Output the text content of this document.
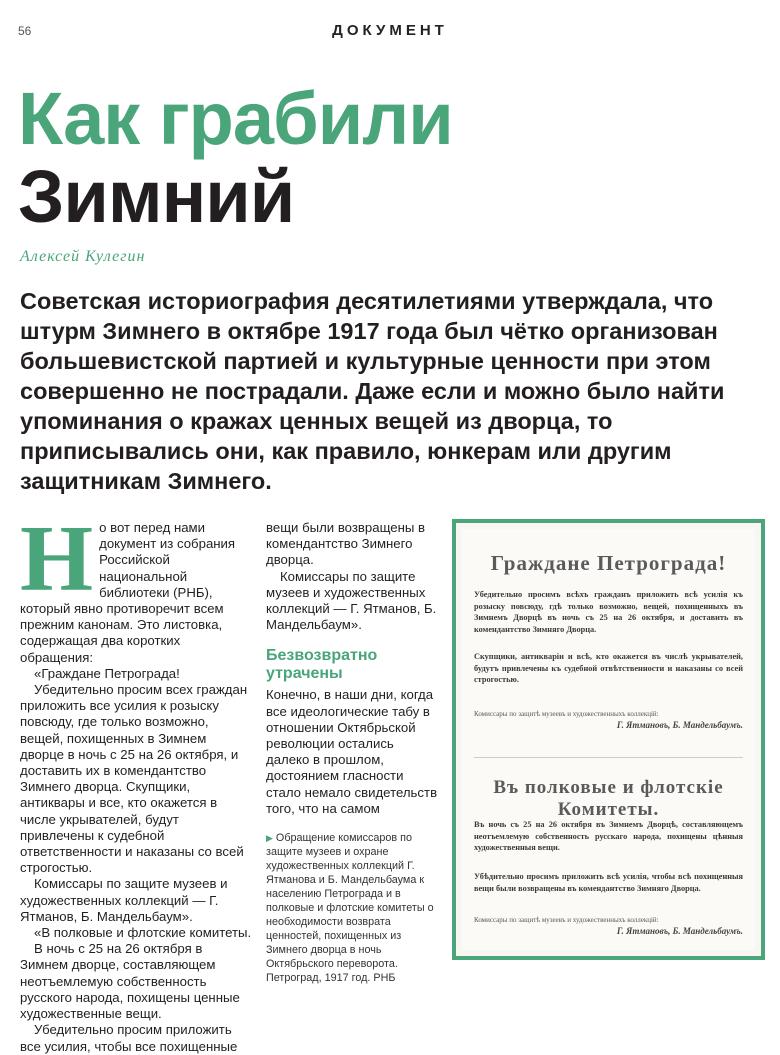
56	ДОКУМЕНТ
Как грабили
Зимний
Алексей Кулегин

Советская историография десятилетиями утверждала, что штурм Зимнего в октябре 1917 года был чётко организован большевистской партией и культурные ценности при этом совершенно не пострадали. Даже если и можно было найти упоминания о кражах ценных вещей из дворца, то приписывались они, как правило, юнкерам или другим защитникам Зимнего.

Н о вот перед нами документ из собрания Российской национальной библиотеки (РНБ), который явно противоречит всем прежним канонам. Это листовка, содержащая два коротких обращения:

«Граждане Петрограда!

Убедительно просим всех граждан приложить все усилия к розыску повсюду, где только возможно, вещей, похищенных в Зимнем дворце в ночь с 25 на 26 октября, и доставить их в комендантство Зимнего дворца. Скупщики, антиквары и все, кто окажется в числе укрывателей, будут привлечены к судебной ответственности и наказаны со всей строгостью.

Комиссары по защите музеев и художественных коллекций — Г. Ятманов, Б. Мандельбаум».

«В полковые и флотские комитеты.

В ночь с 25 на 26 октября в Зимнем дворце, составляющем неотъемлемую собственность русского народа, похищены ценные художественные вещи.

Убедительно просим приложить все усилия, чтобы все похищенные

вещи были возвращены в комендантство Зимнего дворца.

Комиссары по защите музеев и художественных коллекций — Г. Ятманов, Б. Мандельбаум».

Безвозвратно утрачены

Конечно, в наши дни, когда все идеологические табу в отношении Октябрьской революции остались далеко в прошлом, достоянием гласности стало немало свидетельств того, что на самом

▶ Обращение комиссаров по защите музеев и охране художественных коллекций Г. Ятманова и Б. Мандельбаума к населению Петрограда и в полковые и флотские комитеты о необходимости возврата ценностей, похищенных из Зимнего дворца в ночь Октябрьского переворота. Петроград, 1917 год. РНБ
Граждане Петрограда!
Убедительно просимъ всѣхъ гражданъ приложить всѣ усилія къ розыску повсюду, гдѣ только возможно, вещей, похищенныхъ въ Зимнемъ Дворцѣ въ ночь съ 25 на 26 октября, и доставить въ комендантство Зимняго Дворца.
Скупщики, антикваріи и всѣ, кто окажется въ числѣ укрывателей, будутъ привлечены къ судебной отвѣтственности и наказаны со всей строгостью.
Комиссары по защитѣ музеевъ и художественныхъ коллекцій:
Г. Ятмановъ, Б. Мандельбаумъ.
Въ полковые и флотскіе Комитеты.
Въ ночь съ 25 на 26 октября въ Зимнемъ Дворцѣ, составляющемъ неотъемлемую собственность русскаго народа, похищены цѣнныя художественныя вещи.
Убѣдительно просимъ приложить всѣ усилія, чтобы всѣ похищенныя вещи были возвращены въ комендантство Зимняго Дворца.
Комиссары по защитѣ музеевъ и художественныхъ коллекцій:
Г. Ятмановъ, Б. Мандельбаумъ.
